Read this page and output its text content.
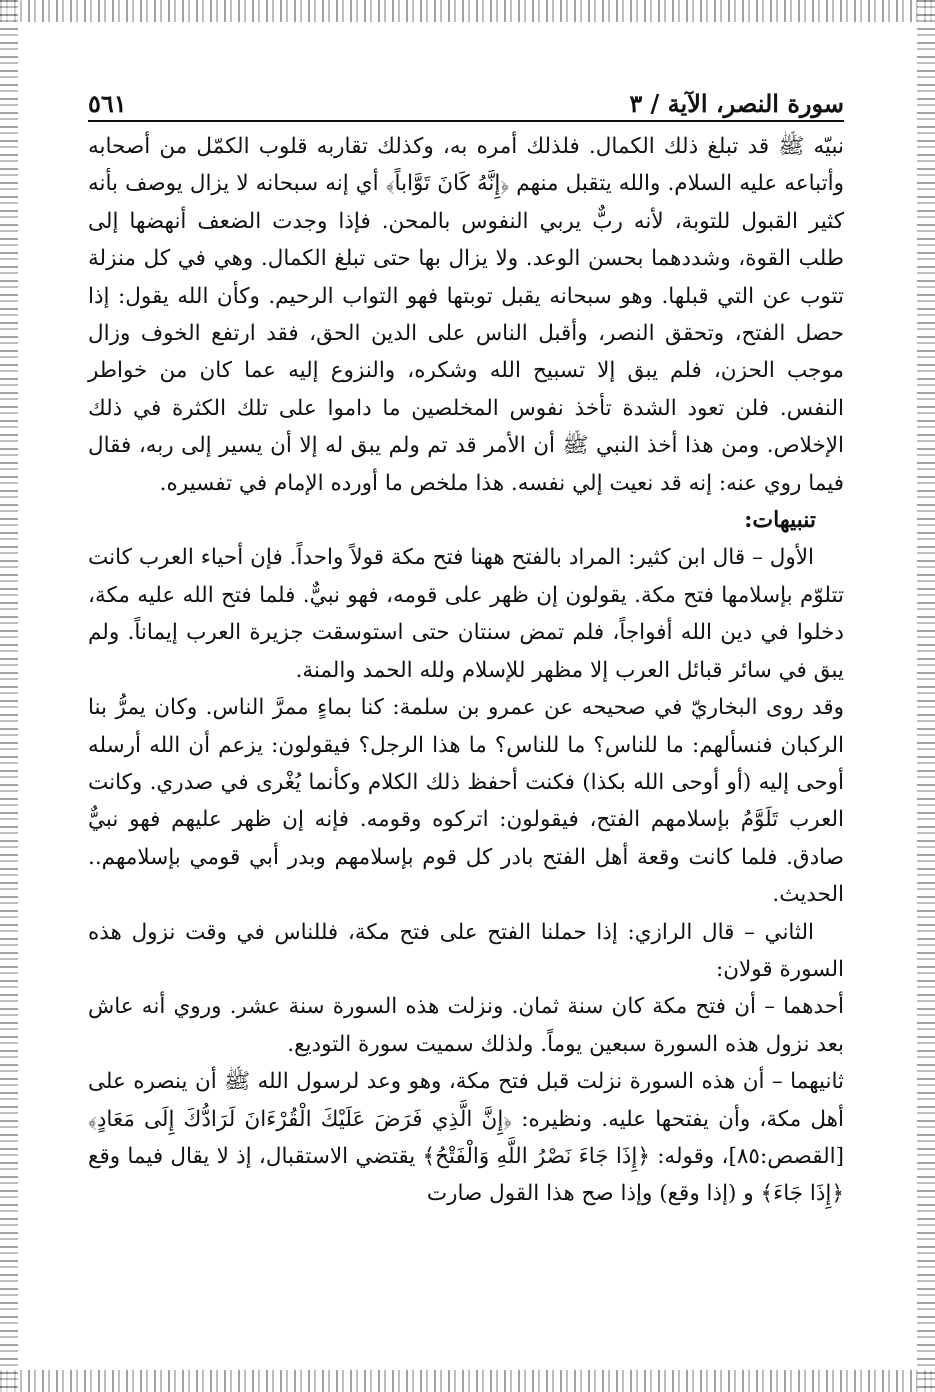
سورة النصر، الآية / ٣
٥٦١

نبيّه ﷺ قد تبلغ ذلك الكمال. فلذلك أمره به، وكذلك تقاربه قلوب الكمّل من أصحابه وأتباعه عليه السلام. والله يتقبل منهم ﴿إِنَّهُ كَانَ تَوَّاباً﴾ أي إنه سبحانه لا يزال يوصف بأنه كثير القبول للتوبة، لأنه ربٌّ يربي النفوس بالمحن. فإذا وجدت الضعف أنهضها إلى طلب القوة، وشددهما بحسن الوعد. ولا يزال بها حتى تبلغ الكمال. وهي في كل منزلة تتوب عن التي قبلها. وهو سبحانه يقبل توبتها فهو التواب الرحيم. وكأن الله يقول: إذا حصل الفتح، وتحقق النصر، وأقبل الناس على الدين الحق، فقد ارتفع الخوف وزال موجب الحزن، فلم يبق إلا تسبيح الله وشكره، والنزوع إليه عما كان من خواطر النفس. فلن تعود الشدة تأخذ نفوس المخلصين ما داموا على تلك الكثرة في ذلك الإخلاص. ومن هذا أخذ النبي ﷺ أن الأمر قد تم ولم يبق له إلا أن يسير إلى ربه، فقال فيما روي عنه: إنه قد نعيت إلي نفسه. هذا ملخص ما أورده الإمام في تفسيره.

تنبيهات:

الأول – قال ابن كثير: المراد بالفتح ههنا فتح مكة قولاً واحداً. فإن أحياء العرب كانت تتلوّم بإسلامها فتح مكة. يقولون إن ظهر على قومه، فهو نبيٌّ. فلما فتح الله عليه مكة، دخلوا في دين الله أفواجاً، فلم تمض سنتان حتى استوسقت جزيرة العرب إيماناً. ولم يبق في سائر قبائل العرب إلا مظهر للإسلام ولله الحمد والمنة.

وقد روى البخاريّ في صحيحه عن عمرو بن سلمة: كنا بماءٍ ممرَّ الناس. وكان يمرُّ بنا الركبان فنسألهم: ما للناس؟ ما للناس؟ ما هذا الرجل؟ فيقولون: يزعم أن الله أرسله أوحى إليه (أو أوحى الله بكذا) فكنت أحفظ ذلك الكلام وكأنما يُغْرى في صدري. وكانت العرب تَلَوَّمُ بإسلامهم الفتح، فيقولون: اتركوه وقومه. فإنه إن ظهر عليهم فهو نبيٌّ صادق. فلما كانت وقعة أهل الفتح بادر كل قوم بإسلامهم وبدر أبي قومي بإسلامهم.. الحديث.

الثاني – قال الرازي: إذا حملنا الفتح على فتح مكة، فللناس في وقت نزول هذه السورة قولان:

أحدهما – أن فتح مكة كان سنة ثمان. ونزلت هذه السورة سنة عشر. وروي أنه عاش بعد نزول هذه السورة سبعين يوماً. ولذلك سميت سورة التوديع.

ثانيهما – أن هذه السورة نزلت قبل فتح مكة، وهو وعد لرسول الله ﷺ أن ينصره على أهل مكة، وأن يفتحها عليه. ونظيره: ﴿إِنَّ الَّذِي فَرَضَ عَلَيْكَ الْقُرْءَانَ لَرَادُّكَ إِلَى مَعَادٍ﴾ [القصص:٨٥]، وقوله: ﴿إِذَا جَاءَ نَصْرُ اللَّهِ وَالْفَتْحُ﴾ يقتضي الاستقبال، إذ لا يقال فيما وقع ﴿إِذَا جَاءَ﴾ و (إذا وقع) وإذا صح هذا القول صارت
